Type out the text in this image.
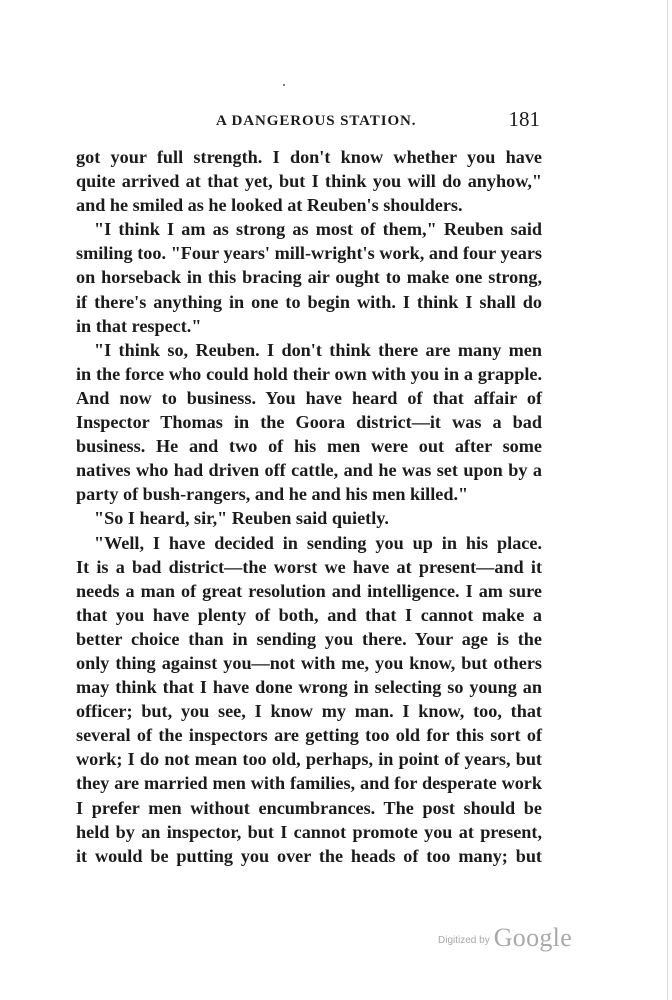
A DANGEROUS STATION.	181
got your full strength. I don't know whether you have
quite arrived at that yet, but I think you will do anyhow,"
and he smiled as he looked at Reuben's shoulders.
"I think I am as strong as most of them," Reuben said
smiling too. "Four years' mill-wright's work, and four years
on horseback in this bracing air ought to make one strong,
if there's anything in one to begin with. I think I shall do
in that respect."
"I think so, Reuben. I don't think there are many men
in the force who could hold their own with you in a grapple.
And now to business. You have heard of that affair of
Inspector Thomas in the Goora district—it was a bad
business. He and two of his men were out after some
natives who had driven off cattle, and he was set upon by a
party of bush-rangers, and he and his men killed."
"So I heard, sir," Reuben said quietly.
"Well, I have decided in sending you up in his place.
It is a bad district—the worst we have at present—and it
needs a man of great resolution and intelligence. I am sure
that you have plenty of both, and that I cannot make a
better choice than in sending you there. Your age is the
only thing against you—not with me, you know, but others
may think that I have done wrong in selecting so young an
officer; but, you see, I know my man. I know, too, that
several of the inspectors are getting too old for this sort of
work; I do not mean too old, perhaps, in point of years, but
they are married men with families, and for desperate work
I prefer men without encumbrances. The post should be
held by an inspector, but I cannot promote you at present,
it would be putting you over the heads of too many; but
Digitized by Google
